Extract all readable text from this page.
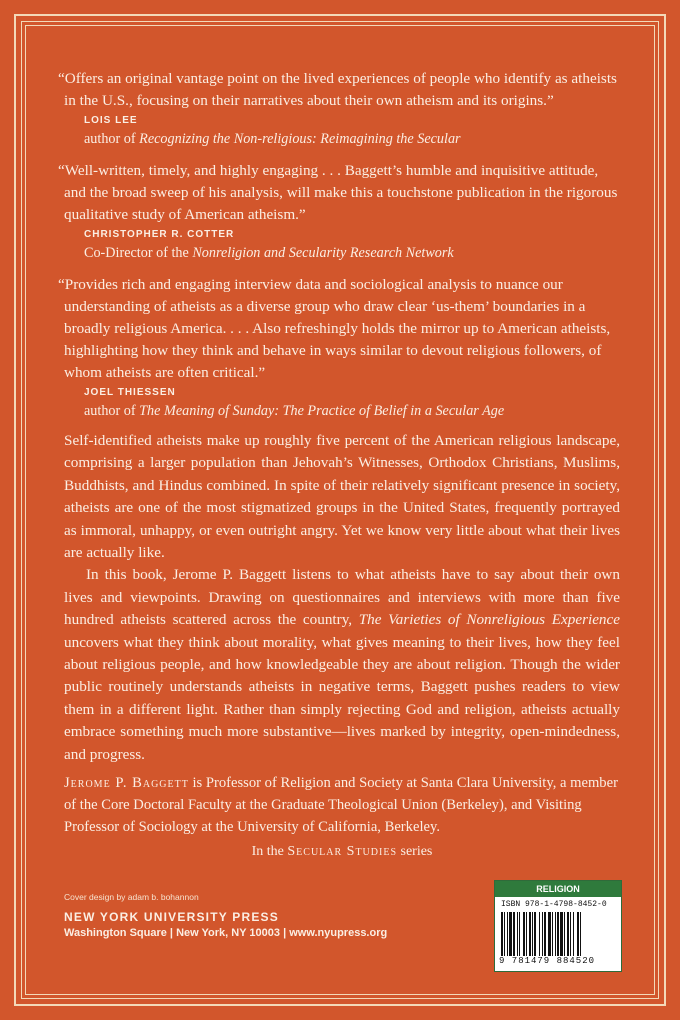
“Offers an original vantage point on the lived experiences of people who identify as atheists in the U.S., focusing on their narratives about their own atheism and its origins.”

LOIS LEE

author of Recognizing the Non-religious: Reimagining the Secular

“Well-written, timely, and highly engaging . . . Baggett’s humble and inquisitive attitude, and the broad sweep of his analysis, will make this a touchstone publication in the rigorous qualitative study of American atheism.”

CHRISTOPHER R. COTTER

Co-Director of the Nonreligion and Secularity Research Network

“Provides rich and engaging interview data and sociological analysis to nuance our understanding of atheists as a diverse group who draw clear ‘us-them’ boundaries in a broadly religious America. . . . Also refreshingly holds the mirror up to American atheists, highlighting how they think and behave in ways similar to devout religious followers, of whom atheists are often critical.”

JOEL THIESSEN

author of The Meaning of Sunday: The Practice of Belief in a Secular Age

Self-identified atheists make up roughly five percent of the American religious landscape, comprising a larger population than Jehovah’s Witnesses, Orthodox Christians, Muslims, Buddhists, and Hindus combined. In spite of their relatively significant presence in society, atheists are one of the most stigmatized groups in the United States, frequently portrayed as immoral, unhappy, or even outright angry. Yet we know very little about what their lives are actually like.

In this book, Jerome P. Baggett listens to what atheists have to say about their own lives and viewpoints. Drawing on questionnaires and interviews with more than five hundred atheists scattered across the country, The Varieties of Nonreligious Experience uncovers what they think about morality, what gives meaning to their lives, how they feel about religious people, and how knowledgeable they are about religion. Though the wider public routinely understands atheists in negative terms, Baggett pushes readers to view them in a different light. Rather than simply rejecting God and religion, atheists actually embrace something much more substantive—lives marked by integrity, open-mindedness, and progress.

Jerome P. Baggett is Professor of Religion and Society at Santa Clara University, a member of the Core Doctoral Faculty at the Graduate Theological Union (Berkeley), and Visiting Professor of Sociology at the University of California, Berkeley.

In the Secular Studies series

Cover design by adam b. bohannon

NEW YORK UNIVERSITY PRESS

Washington Square | New York, NY 10003 | www.nyupress.org

RELIGION
ISBN 978-1-4798-8452-0
9 781479 884520
